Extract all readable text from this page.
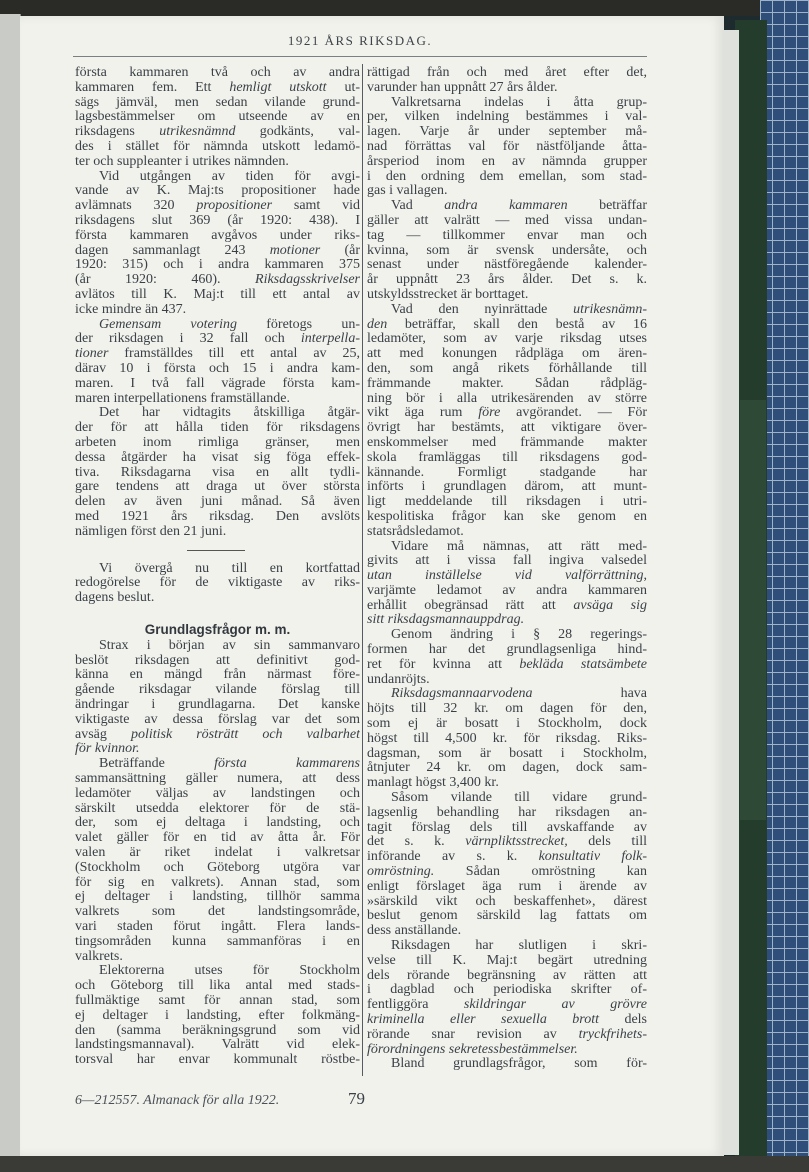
1921 ÅRS RIKSDAG.
första kammaren två och av andra
kammaren fem. Ett hemligt utskott ut-
sägs jämväl, men sedan vilande grund-
lagsbestämmelser om utseende av en
riksdagens utrikesnämnd godkänts, val-
des i stället för nämnda utskott ledamö-
ter och suppleanter i utrikes nämnden.
Vid utgången av tiden för avgi-
vande av K. Maj:ts propositioner hade
avlämnats 320 propositioner samt vid
riksdagens slut 369 (år 1920: 438). I
första kammaren avgåvos under riks-
dagen sammanlagt 243 motioner (år
1920: 315) och i andra kammaren 375
(år 1920: 460). Riksdagsskrivelser
avlätos till K. Maj:t till ett antal av
icke mindre än 437.
Gemensam votering företogs un-
der riksdagen i 32 fall och interpella-
tioner framställdes till ett antal av 25,
därav 10 i första och 15 i andra kam-
maren. I två fall vägrade första kam-
maren interpellationens framställande.
Det har vidtagits åtskilliga åtgär-
der för att hålla tiden för riksdagens
arbeten inom rimliga gränser, men
dessa åtgärder ha visat sig föga effek-
tiva. Riksdagarna visa en allt tydli-
gare tendens att draga ut över största
delen av även juni månad. Så även
med 1921 års riksdag. Den avslöts
nämligen först den 21 juni.
Vi övergå nu till en kortfattad
redogörelse för de viktigaste av riks-
dagens beslut.
Grundlagsfrågor m. m.
Strax i början av sin sammanvaro
beslöt riksdagen att definitivt god-
känna en mängd från närmast före-
gående riksdagar vilande förslag till
ändringar i grundlagarna. Det kanske
viktigaste av dessa förslag var det som
avsäg politisk rösträtt och valbarhet
för kvinnor.
Beträffande första kammarens
sammansättning gäller numera, att dess
ledamöter väljas av landstingen och
särskilt utsedda elektorer för de stä-
der, som ej deltaga i landsting, och
valet gäller för en tid av åtta år. För
valen är riket indelat i valkretsar
(Stockholm och Göteborg utgöra var
för sig en valkrets). Annan stad, som
ej deltager i landsting, tillhör samma
valkrets som det landstingsområde,
vari staden förut ingått. Flera lands-
tingsområden kunna sammanföras i en
valkrets.
Elektorerna utses för Stockholm
och Göteborg till lika antal med stads-
fullmäktige samt för annan stad, som
ej deltager i landsting, efter folkmäng-
den (samma beräkningsgrund som vid
landstingsmannaval). Valrätt vid elek-
torsval har envar kommunalt röstbe-
rättigad från och med året efter det,
varunder han uppnått 27 års ålder.
Valkretsarna indelas i åtta grup-
per, vilken indelning bestämmes i val-
lagen. Varje år under september må-
nad förrättas val för nästföljande åtta-
årsperiod inom en av nämnda grupper
i den ordning dem emellan, som stad-
gas i vallagen.
Vad andra kammaren beträffar
gäller att valrätt — med vissa undan-
tag — tillkommer envar man och
kvinna, som är svensk undersåte, och
senast under nästföregående kalender-
år uppnått 23 års ålder. Det s. k.
utskyldsstrecket är borttaget.
Vad den nyinrättade utrikesnämn-
den beträffar, skall den bestå av 16
ledamöter, som av varje riksdag utses
att med konungen rådpläga om ären-
den, som angå rikets förhållande till
främmande makter. Sådan rådpläg-
ning bör i alla utrikesärenden av större
vikt äga rum före avgörandet. — För
övrigt har bestämts, att viktigare över-
enskommelser med främmande makter
skola framläggas till riksdagens god-
kännande. Formligt stadgande har
införts i grundlagen därom, att munt-
ligt meddelande till riksdagen i utri-
kespolitiska frågor kan ske genom en
statsrådsledamot.
Vidare må nämnas, att rätt med-
givits att i vissa fall ingiva valsedel
utan inställelse vid valförrättning,
varjämte ledamot av andra kammaren
erhållit obegränsad rätt att avsäga sig
sitt riksdagsmannauppdrag.
Genom ändring i § 28 regerings-
formen har det grundlagsenliga hind-
ret för kvinna att bekläda statsämbete
undanröjts.
Riksdagsmannaarvodena hava
höjts till 32 kr. om dagen för den,
som ej är bosatt i Stockholm, dock
högst till 4,500 kr. för riksdag. Riks-
dagsman, som är bosatt i Stockholm,
åtnjuter 24 kr. om dagen, dock sam-
manlagt högst 3,400 kr.
Såsom vilande till vidare grund-
lagsenlig behandling har riksdagen an-
tagit förslag dels till avskaffande av
det s. k. värnpliktsstrecket, dels till
införande av s. k. konsultativ folk-
omröstning. Sådan omröstning kan
enligt förslaget äga rum i ärende av
»särskild vikt och beskaffenhet», därest
beslut genom särskild lag fattats om
dess anställande.
Riksdagen har slutligen i skri-
velse till K. Maj:t begärt utredning
dels rörande begränsning av rätten att
i dagblad och periodiska skrifter of-
fentliggöra skildringar av grövre
kriminella eller sexuella brott dels
rörande snar revision av tryckfrihets-
förordningens sekretessbestämmelser.
Bland grundlagsfrågor, som för-
6—212557. Almanack för alla 1922.	79
